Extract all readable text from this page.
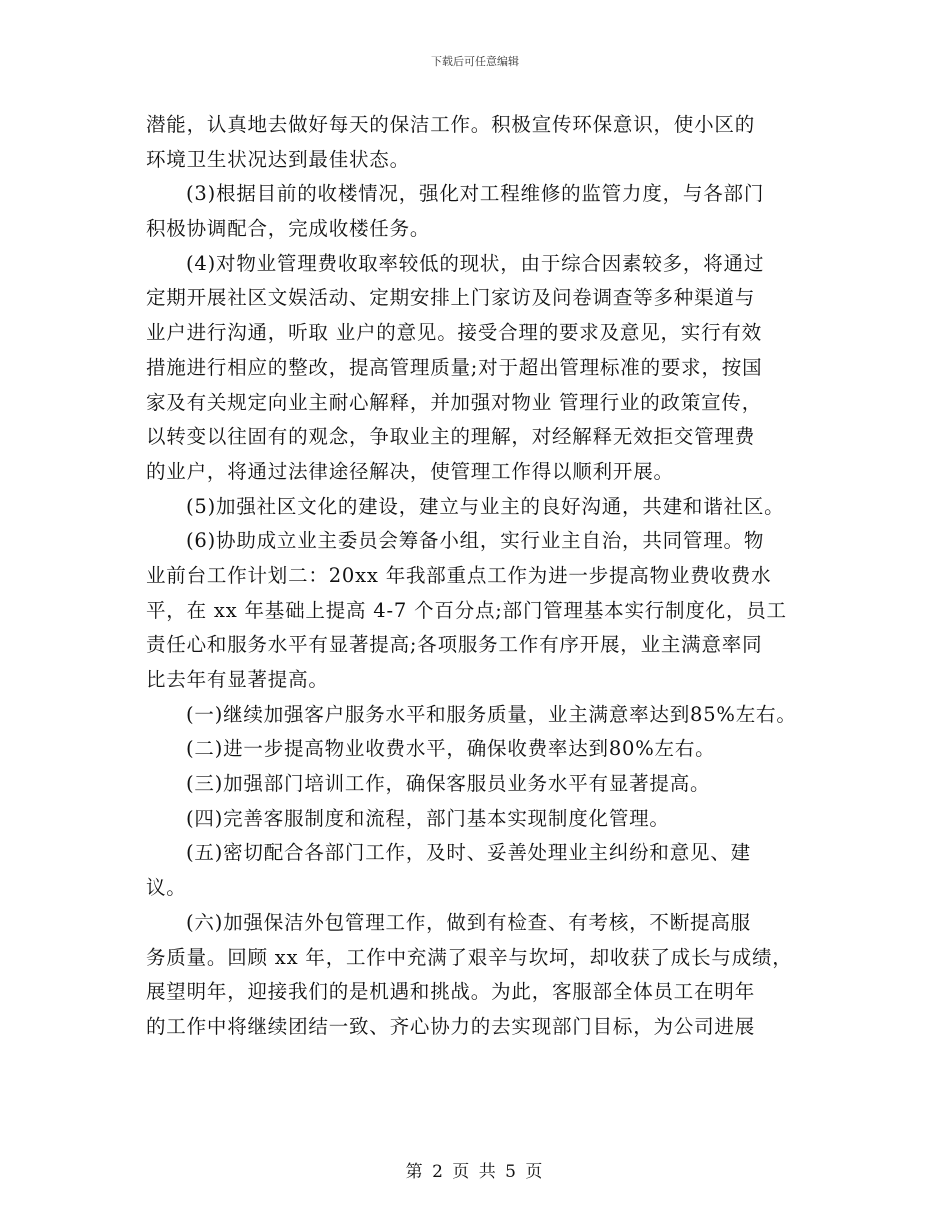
下载后可任意编辑
潜能，认真地去做好每天的保洁工作。积极宣传环保意识，使小区的
环境卫生状况达到最佳状态。
(3)根据目前的收楼情况，强化对工程维修的监管力度，与各部门
积极协调配合，完成收楼任务。
(4)对物业管理费收取率较低的现状，由于综合因素较多，将通过
定期开展社区文娱活动、定期安排上门家访及问卷调查等多种渠道与
业户进行沟通，听取 业户的意见。接受合理的要求及意见，实行有效
措施进行相应的整改，提高管理质量;对于超出管理标准的要求，按国
家及有关规定向业主耐心解释，并加强对物业 管理行业的政策宣传，
以转变以往固有的观念，争取业主的理解，对经解释无效拒交管理费
的业户，将通过法律途径解决，使管理工作得以顺利开展。
(5)加强社区文化的建设，建立与业主的良好沟通，共建和谐社区。
(6)协助成立业主委员会筹备小组，实行业主自治，共同管理。物
业前台工作计划二：20xx 年我部重点工作为进一步提高物业费收费水
平，在 xx 年基础上提高 4-7 个百分点;部门管理基本实行制度化，员工
责任心和服务水平有显著提高;各项服务工作有序开展，业主满意率同
比去年有显著提高。
(一)继续加强客户服务水平和服务质量，业主满意率达到85%左右。
(二)进一步提高物业收费水平，确保收费率达到80%左右。
(三)加强部门培训工作，确保客服员业务水平有显著提高。
(四)完善客服制度和流程，部门基本实现制度化管理。
(五)密切配合各部门工作，及时、妥善处理业主纠纷和意见、建
议。
(六)加强保洁外包管理工作，做到有检查、有考核，不断提高服
务质量。回顾 xx 年，工作中充满了艰辛与坎坷，却收获了成长与成绩，
展望明年，迎接我们的是机遇和挑战。为此，客服部全体员工在明年
的工作中将继续团结一致、齐心协力的去实现部门目标，为公司进展
第 2 页 共 5 页
